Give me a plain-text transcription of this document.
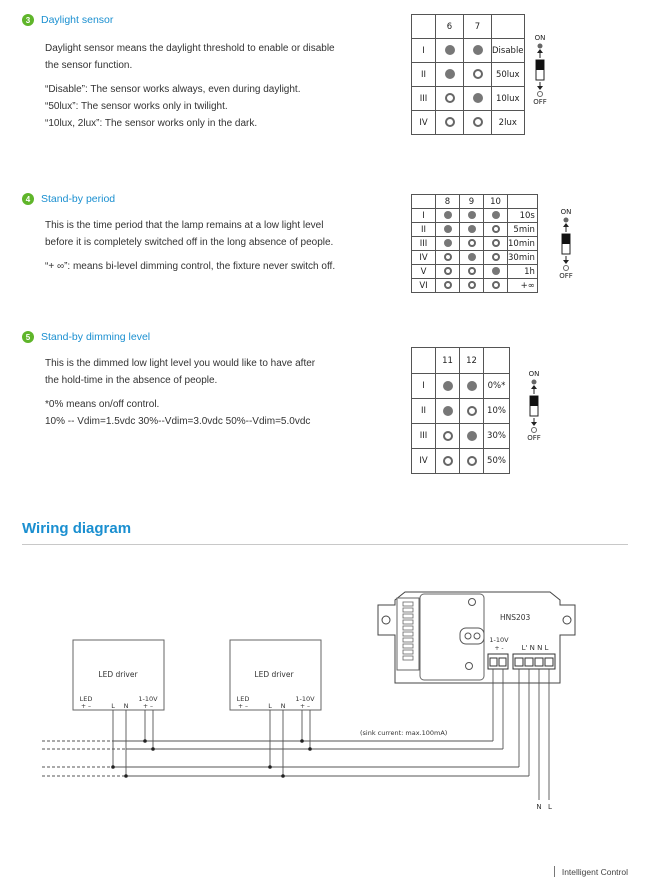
3	Daylight sensor
Daylight sensor means the daylight threshold to enable or disable
the sensor function.
“Disable”: The sensor works always, even during daylight.
“50lux”: The sensor works only in twilight.
“10lux, 2lux”: The sensor works only in the dark.
4	Stand-by period
This is the time period that the lamp remains at a low light level
before it is completely switched off in the long absence of people.
“+ ∞”: means bi-level dimming control, the fixture never switch off.
5	Stand-by dimming level
This is the dimmed low light level you would like to have after
the hold-time in the absence of people.
*0% means on/off control.
10% -- Vdim=1.5vdc 30%--Vdim=3.0vdc 50%--Vdim=5.0vdc
	6	7	
I			Disable
II			50lux
III			10lux
IV			2lux
	8	9	10	
I				10s
II				5min
III				10min
IV				30min
V				1h
VI				+∞
	11	12	
I			0%*
II			10%
III			30%
IV			50%
ON
OFF
ON
OFF
ON
OFF
Wiring diagram
LED driver
LED
+ –	L N
1-10V
+ –
LED driver
LED
+ –	L N
1-10V
+ –
HNS203
1-10V
+ -	L' N N L
(sink current: max.100mA)
N L
Intelligent Control
